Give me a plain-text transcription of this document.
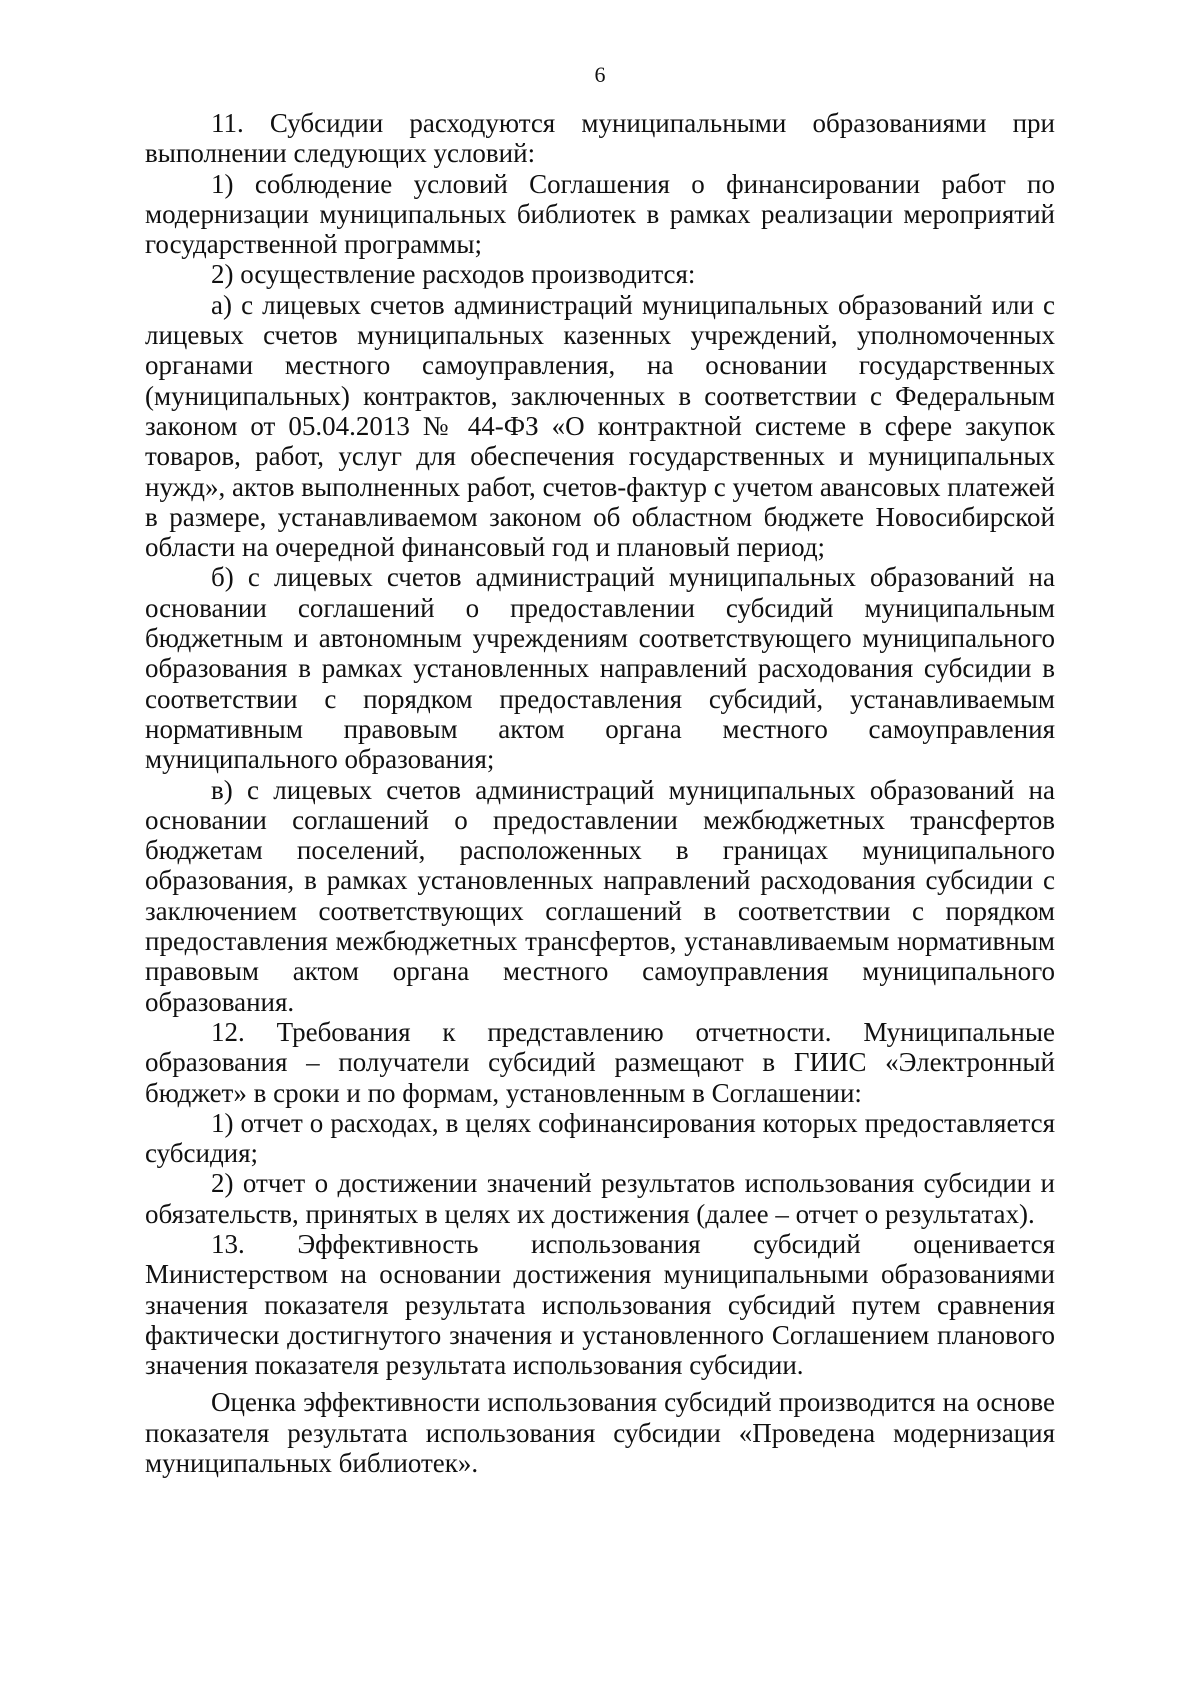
6

11. Субсидии расходуются муниципальными образованиями при выполнении следующих условий:

1) соблюдение условий Соглашения о финансировании работ по модернизации муниципальных библиотек в рамках реализации мероприятий государственной программы;

2) осуществление расходов производится:

а) с лицевых счетов администраций муниципальных образований или с лицевых счетов муниципальных казенных учреждений, уполномоченных органами местного самоуправления, на основании государственных (муниципальных) контрактов, заключенных в соответствии с Федеральным законом от 05.04.2013 № 44-ФЗ «О контрактной системе в сфере закупок товаров, работ, услуг для обеспечения государственных и муниципальных нужд», актов выполненных работ, счетов-фактур с учетом авансовых платежей в размере, устанавливаемом законом об областном бюджете Новосибирской области на очередной финансовый год и плановый период;

б) с лицевых счетов администраций муниципальных образований на основании соглашений о предоставлении субсидий муниципальным бюджетным и автономным учреждениям соответствующего муниципального образования в рамках установленных направлений расходования субсидии в соответствии с порядком предоставления субсидий, устанавливаемым нормативным правовым актом органа местного самоуправления муниципального образования;

в) с лицевых счетов администраций муниципальных образований на основании соглашений о предоставлении межбюджетных трансфертов бюджетам поселений, расположенных в границах муниципального образования, в рамках установленных направлений расходования субсидии с заключением соответствующих соглашений в соответствии с порядком предоставления межбюджетных трансфертов, устанавливаемым нормативным правовым актом органа местного самоуправления муниципального образования.

12. Требования к представлению отчетности. Муниципальные образования – получатели субсидий размещают в ГИИС «Электронный бюджет» в сроки и по формам, установленным в Соглашении:

1) отчет о расходах, в целях софинансирования которых предоставляется субсидия;

2) отчет о достижении значений результатов использования субсидии и обязательств, принятых в целях их достижения (далее – отчет о результатах).

13. Эффективность использования субсидий оценивается Министерством на основании достижения муниципальными образованиями значения показателя результата использования субсидий путем сравнения фактически достигнутого значения и установленного Соглашением планового значения показателя результата использования субсидии.

Оценка эффективности использования субсидий производится на основе показателя результата использования субсидии «Проведена модернизация муниципальных библиотек».
